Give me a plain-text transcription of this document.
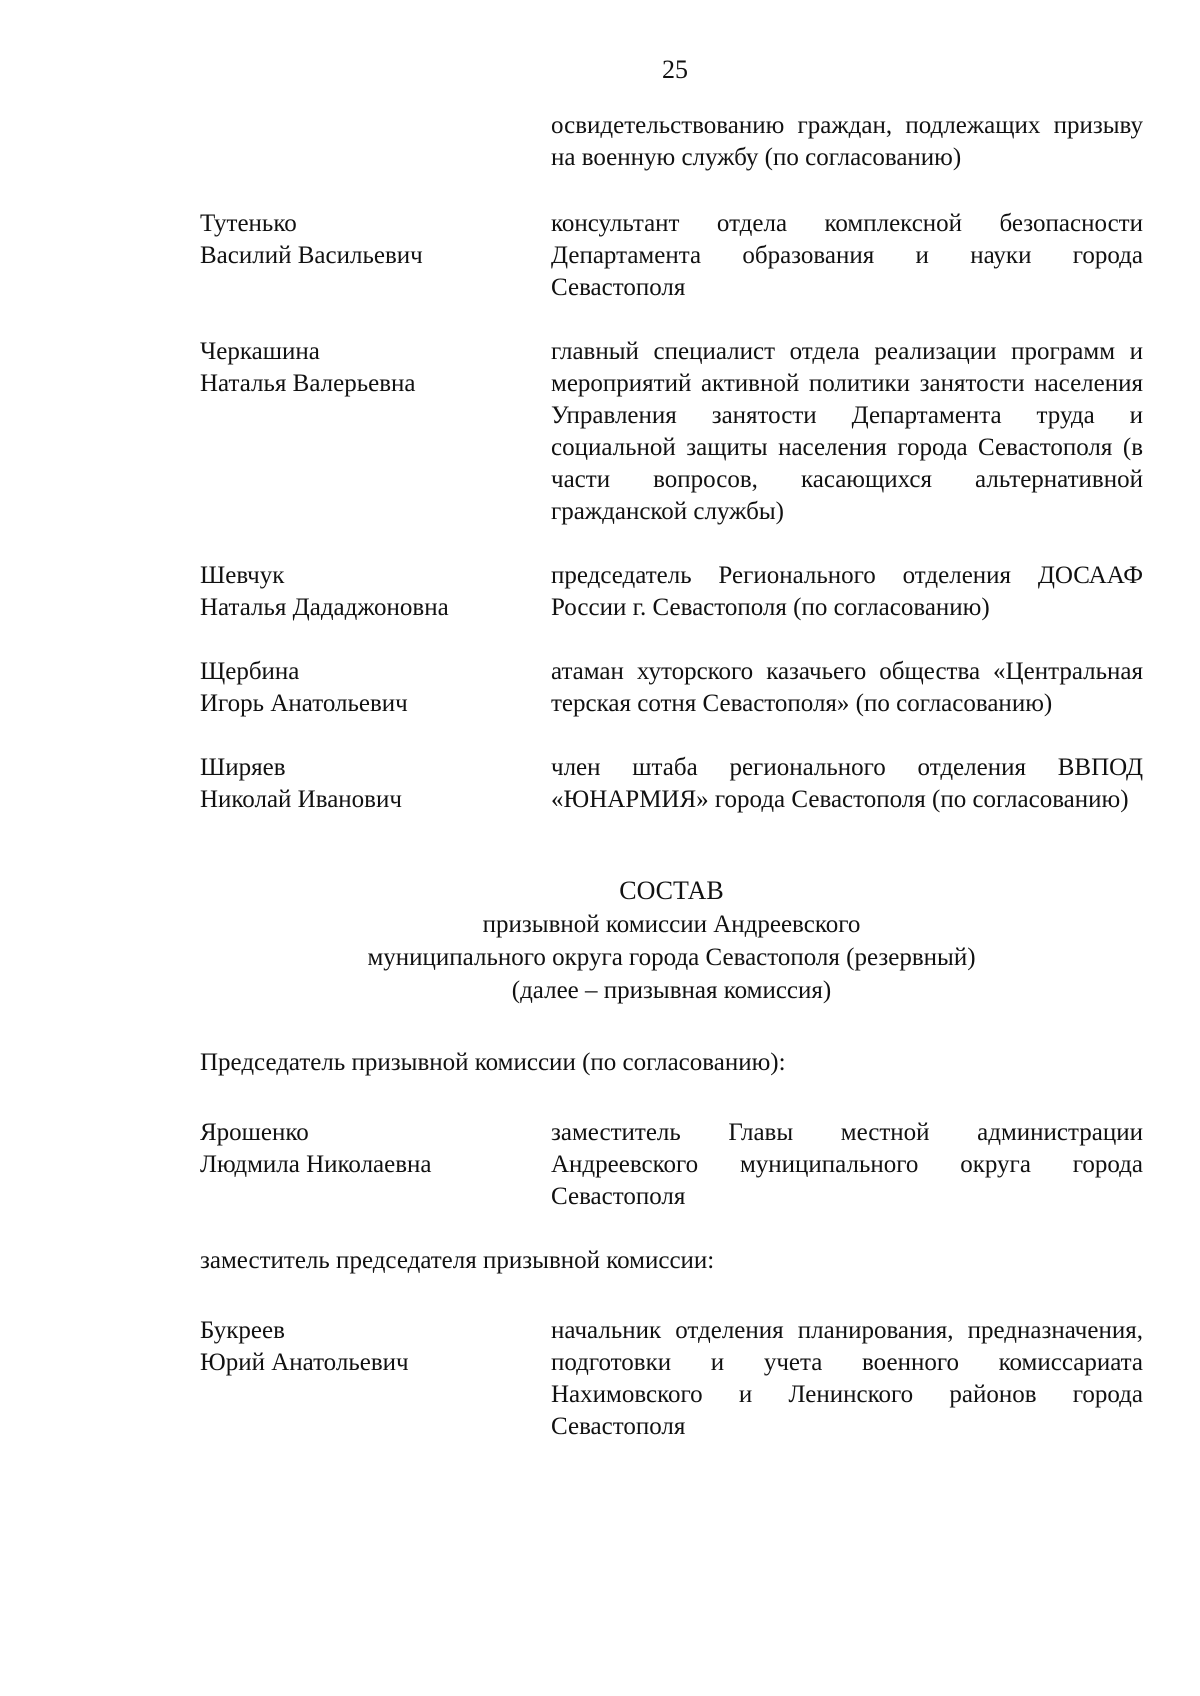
25
освидетельствованию граждан, подлежащих призыву на военную службу (по согласованию)
Тутенько
Василий Васильевич
консультант отдела комплексной безопасности Департамента образования и науки города Севастополя
Черкашина
Наталья Валерьевна
главный специалист отдела реализации программ и мероприятий активной политики занятости населения Управления занятости Департамента труда и социальной защиты населения города Севастополя (в части вопросов, касающихся альтернативной гражданской службы)
Шевчук
Наталья Дададжоновна
председатель Регионального отделения ДОСААФ России г. Севастополя (по согласованию)
Щербина
Игорь Анатольевич
атаман хуторского казачьего общества «Центральная терская сотня Севастополя» (по согласованию)
Ширяев
Николай Иванович
член штаба регионального отделения ВВПОД «ЮНАРМИЯ» города Севастополя (по согласованию)
СОСТАВ
призывной комиссии Андреевского
муниципального округа города Севастополя (резервный)
(далее – призывная комиссия)
Председатель призывной комиссии (по согласованию):
Ярошенко
Людмила Николаевна
заместитель Главы местной администрации Андреевского муниципального округа города Севастополя
заместитель председателя призывной комиссии:
Букреев
Юрий Анатольевич
начальник отделения планирования, предназначения, подготовки и учета военного комиссариата Нахимовского и Ленинского районов города Севастополя
